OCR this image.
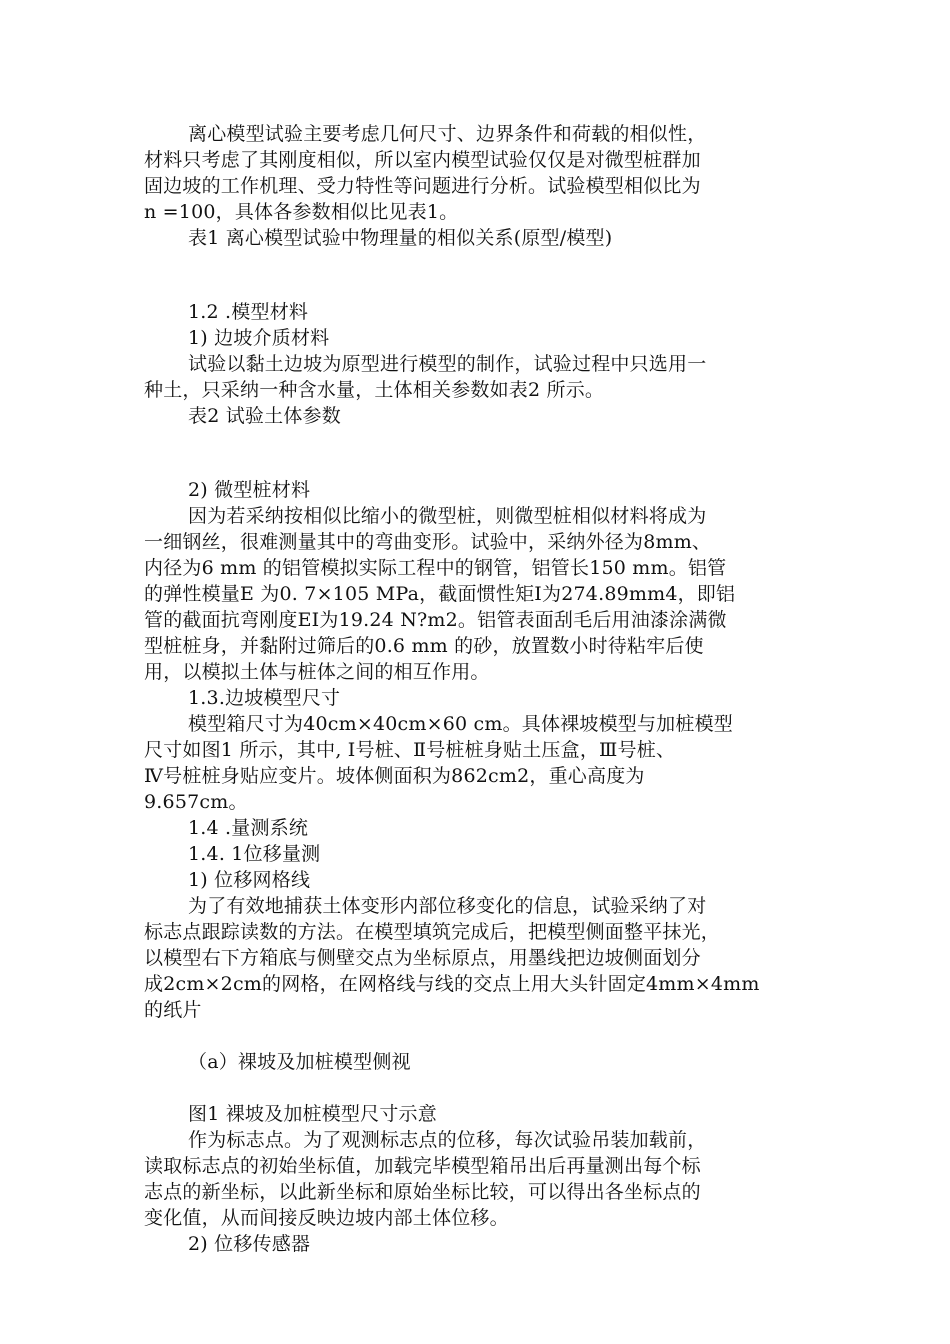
离心模型试验主要考虑几何尺寸、边界条件和荷载的相似性，
材料只考虑了其刚度相似，所以室内模型试验仅仅是对微型桩群加
固边坡的工作机理、受力特性等问题进行分析。试验模型相似比为
n =100，具体各参数相似比见表1。
表1 离心模型试验中物理量的相似关系(原型/模型)
1.2 .模型材料
1) 边坡介质材料
试验以黏土边坡为原型进行模型的制作，试验过程中只选用一
种土，只采纳一种含水量，土体相关参数如表2 所示。
表2 试验土体参数
2) 微型桩材料
因为若采纳按相似比缩小的微型桩，则微型桩相似材料将成为
一细钢丝，很难测量其中的弯曲变形。试验中，采纳外径为8mm、
内径为6 mm 的铝管模拟实际工程中的钢管，铝管长150 mm。铝管
的弹性模量E 为0. 7×105 MPa，截面惯性矩I为274.89mm4，即铝
管的截面抗弯刚度EI为19.24 N?m2。铝管表面刮毛后用油漆涂满微
型桩桩身，并黏附过筛后的0.6 mm 的砂，放置数小时待粘牢后使
用，以模拟土体与桩体之间的相互作用。
1.3.边坡模型尺寸
模型箱尺寸为40cm×40cm×60 cm。具体裸坡模型与加桩模型
尺寸如图1 所示，其中, Ⅰ号桩、Ⅱ号桩桩身贴土压盒，Ⅲ号桩、
Ⅳ号桩桩身贴应变片。坡体侧面积为862cm2，重心高度为
9.657cm。
1.4 .量测系统
1.4. 1位移量测
1) 位移网格线
为了有效地捕获土体变形内部位移变化的信息，试验采纳了对
标志点跟踪读数的方法。在模型填筑完成后，把模型侧面整平抹光，
以模型右下方箱底与侧壁交点为坐标原点，用墨线把边坡侧面划分
成2cm×2cm的网格，在网格线与线的交点上用大头针固定4mm×4mm
的纸片
（a）裸坡及加桩模型侧视
图1 裸坡及加桩模型尺寸示意
作为标志点。为了观测标志点的位移，每次试验吊装加载前，
读取标志点的初始坐标值，加载完毕模型箱吊出后再量测出每个标
志点的新坐标，以此新坐标和原始坐标比较，可以得出各坐标点的
变化值，从而间接反映边坡内部土体位移。
2) 位移传感器
